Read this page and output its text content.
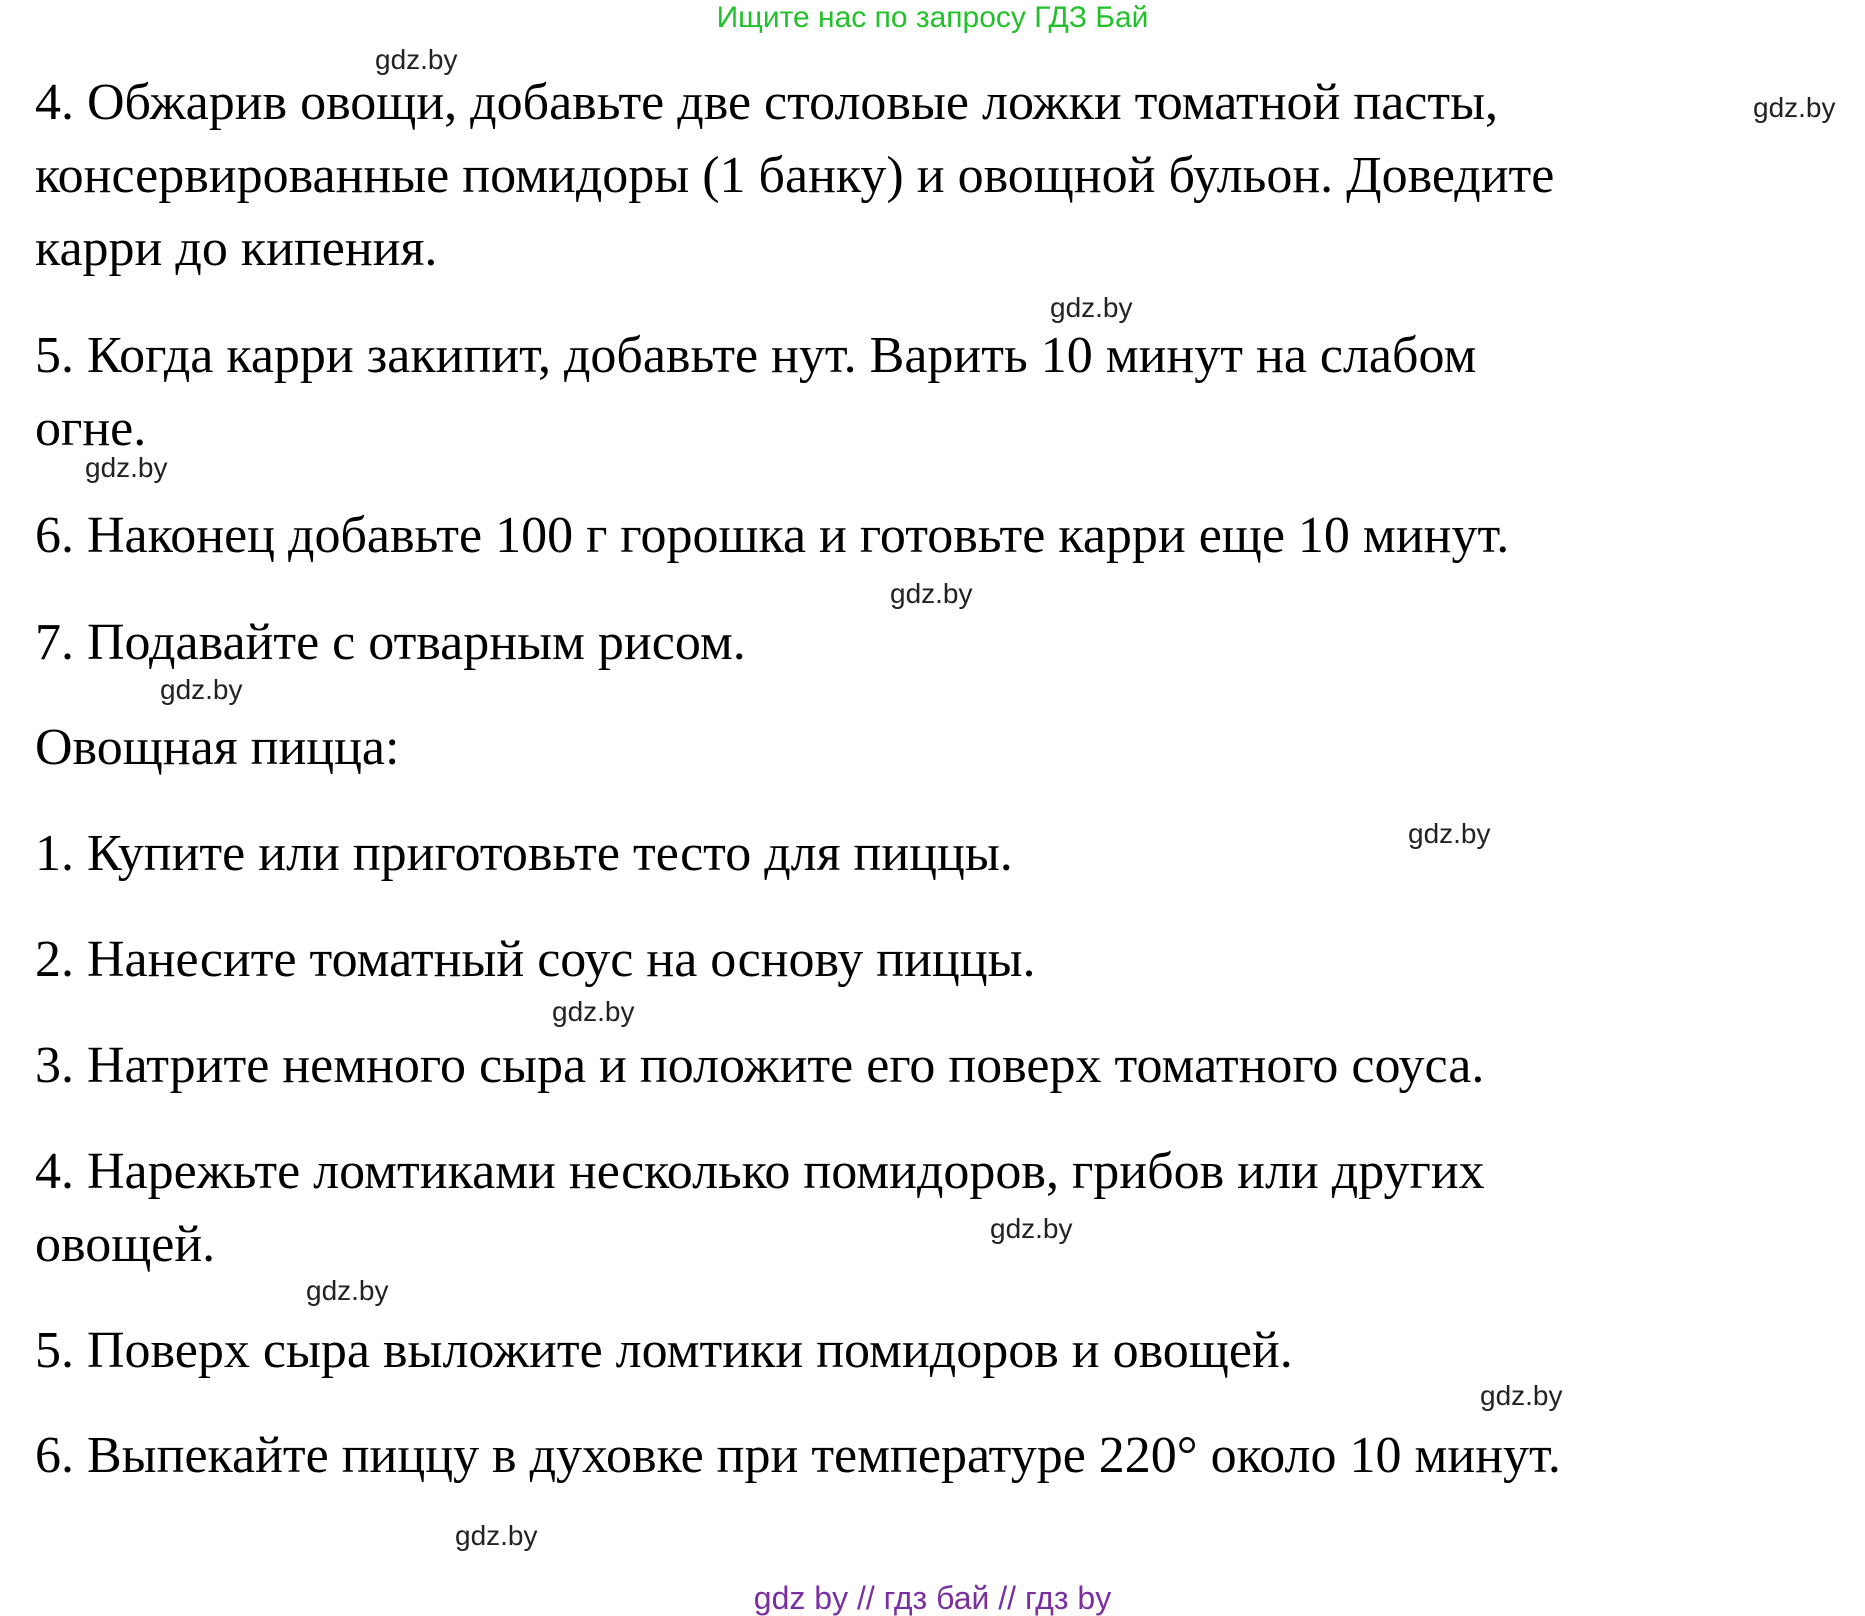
Ищите нас по запросу ГДЗ Бай
4. Обжарив овощи, добавьте две столовые ложки томатной пасты,
консервированные помидоры (1 банку) и овощной бульон. Доведите
карри до кипения.
5. Когда карри закипит, добавьте нут. Варить 10 минут на слабом
огне.
6. Наконец добавьте 100 г горошка и готовьте карри еще 10 минут.
7. Подавайте с отварным рисом.
Овощная пицца:
1. Купите или приготовьте тесто для пиццы.
2. Нанесите томатный соус на основу пиццы.
3. Натрите немного сыра и положите его поверх томатного соуса.
4. Нарежьте ломтиками несколько помидоров, грибов или других
овощей.
5. Поверх сыра выложите ломтики помидоров и овощей.
6. Выпекайте пиццу в духовке при температуре 220° около 10 минут.
gdz.by
gdz.by
gdz.by
gdz.by
gdz.by
gdz.by
gdz.by
gdz.by
gdz.by
gdz.by
gdz.by
gdz.by
gdz by // гдз бай // гдз by
